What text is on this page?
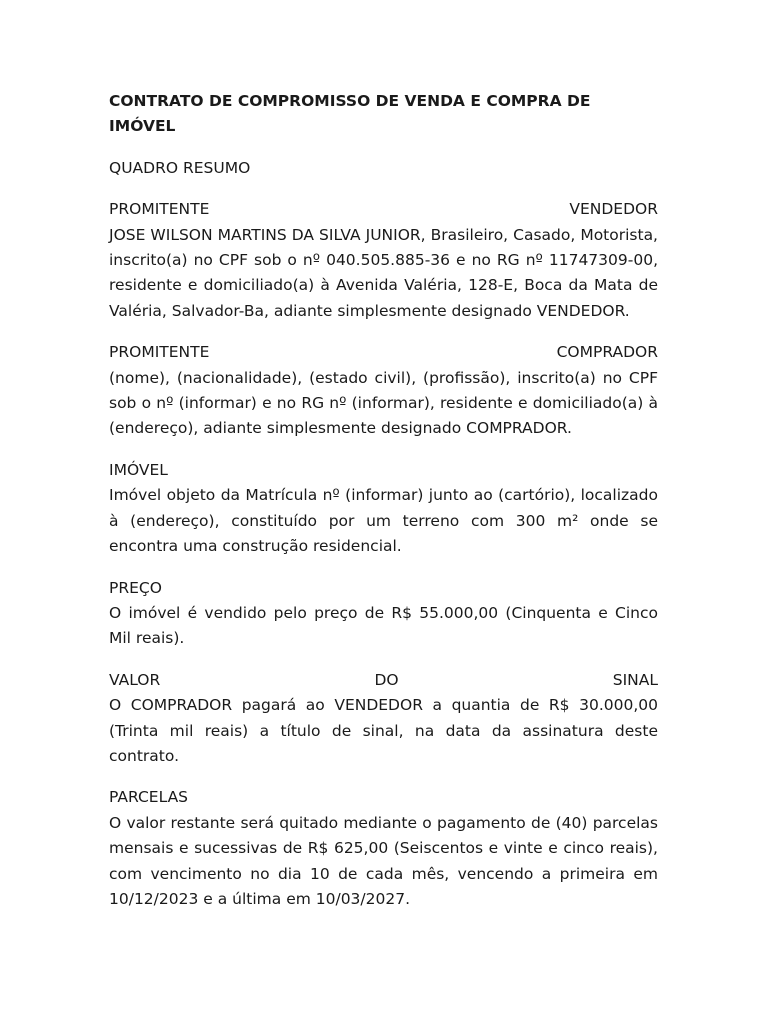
CONTRATO DE COMPROMISSO DE VENDA E COMPRA DE IMÓVEL

QUADRO RESUMO

PROMITENTE	VENDEDOR

JOSE WILSON MARTINS DA SILVA JUNIOR, Brasileiro, Casado, Motorista, inscrito(a) no CPF sob o nº 040.505.885-36 e no RG nº 11747309-00, residente e domiciliado(a) à Avenida Valéria, 128-E, Boca da Mata de Valéria, Salvador-Ba, adiante simplesmente designado VENDEDOR.

PROMITENTE	COMPRADOR

(nome), (nacionalidade), (estado civil), (profissão), inscrito(a) no CPF sob o nº (informar) e no RG nº (informar), residente e domiciliado(a) à (endereço), adiante simplesmente designado COMPRADOR.

IMÓVEL

Imóvel objeto da Matrícula nº (informar) junto ao (cartório), localizado à (endereço), constituído por um terreno com 300 m² onde se encontra uma construção residencial.

PREÇO

O imóvel é vendido pelo preço de R$ 55.000,00 (Cinquenta e Cinco Mil reais).

VALOR	DO	SINAL

O COMPRADOR pagará ao VENDEDOR a quantia de R$ 30.000,00 (Trinta mil reais) a título de sinal, na data da assinatura deste contrato.

PARCELAS

O valor restante será quitado mediante o pagamento de (40) parcelas mensais e sucessivas de R$ 625,00 (Seiscentos e vinte e cinco reais), com vencimento no dia 10 de cada mês, vencendo a primeira em 10/12/2023 e a última em 10/03/2027.
